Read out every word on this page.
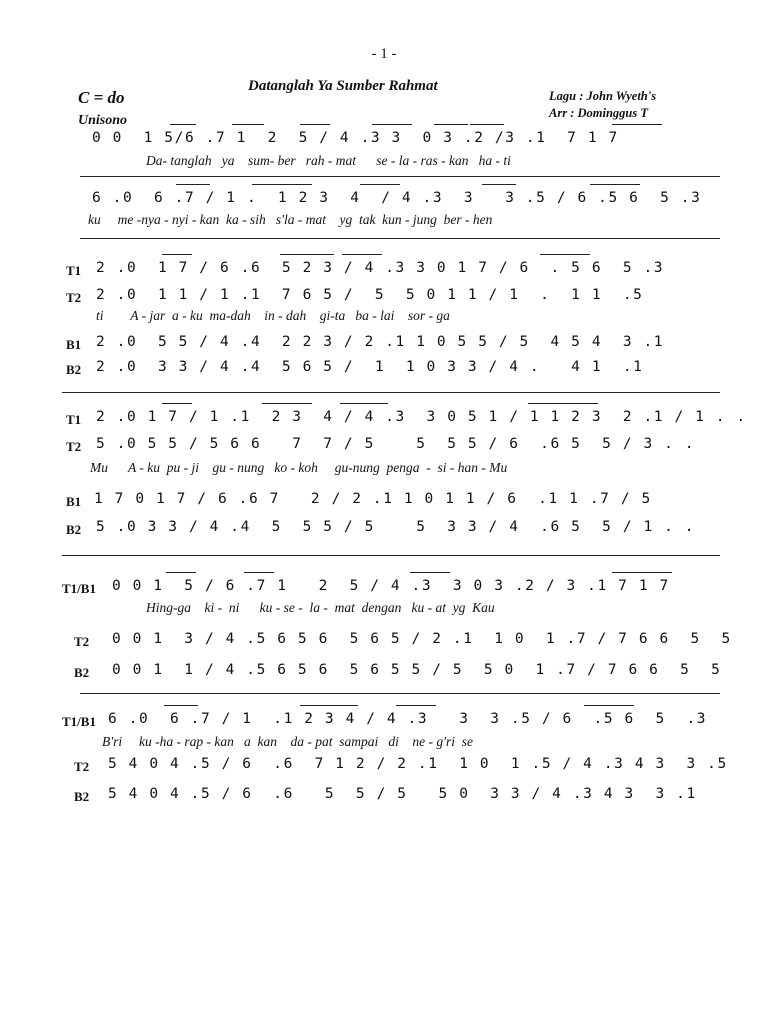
- 1 -
Datanglah Ya Sumber Rahmat
C = do
Unisono
Lagu : John Wyeth's
Arr : Dominggus T
0 0  1 5/6 .7 1  2  5 / 4 .3 3  0 3 .2 /3 .1  7 1 7
Da- tanglah   ya    sum- ber   rah - mat      se - la - ras - kan   ha - ti
6 .0  6 .7 / 1 .  1 2 3  4  / 4 .3  3   3 .5 / 6 .5 6  5 .3
ku     me -nya - nyi - kan  ka - sih   s'la - mat    yg  tak  kun - jung  ber - hen
T1	2 .0  1 7 / 6 .6  5 2 3 / 4 .3 3 0 1 7 / 6  . 5 6  5 .3
T2	2 .0  1 1 / 1 .1  7 6 5 /  5  5 0 1 1 / 1  .  1 1  .5
ti        A - jar  a - ku  ma-dah    in - dah    gi-ta   ba - lai    sor - ga
B1	2 .0  5 5 / 4 .4  2 2 3 / 2 .1 1 0 5 5 / 5  4 5 4  3 .1
B2	2 .0  3 3 / 4 .4  5 6 5 /  1  1 0 3 3 / 4 .   4 1  .1
T1	2 .0 1 7 / 1 .1  2 3  4 / 4 .3  3 0 5 1 / 1 1 2 3  2 .1 / 1 . .
T2	5 .0 5 5 / 5 6 6   7  7 / 5    5  5 5 / 6  .6 5  5 / 3 . .
Mu      A - ku  pu - ji    gu - nung   ko - koh     gu-nung  penga  -  si - han - Mu
B1 1 7 0 1 7 / 6 .6 7   2 / 2 .1 1 0 1 1 / 6  .1 1 .7 / 5
B2	5 .0 3 3 / 4 .4  5  5 5 / 5    5  3 3 / 4  .6 5  5 / 1 . .
T1/B1	0 0 1  5 / 6 .7 1   2  5 / 4 .3  3 0 3 .2 / 3 .1 7 1 7
Hing-ga    ki -  ni      ku - se -  la -  mat  dengan   ku - at  yg  Kau
T2	0 0 1  3 / 4 .5 6 5 6  5 6 5 / 2 .1  1 0  1 .7 / 7 6 6  5  5
B2	0 0 1  1 / 4 .5 6 5 6  5 6 5 5 / 5  5 0  1 .7 / 7 6 6  5  5
T1/B1 6 .0  6 .7 / 1  .1 2 3 4 / 4 .3   3  3 .5 / 6  .5 6  5  .3
B'ri     ku -ha - rap - kan   a  kan    da - pat  sampai   di    ne - g'ri  se
T2	5 4 0 4 .5 / 6  .6  7 1 2 / 2 .1  1 0  1 .5 / 4 .3 4 3  3 .5
B2	5 4 0 4 .5 / 6  .6   5  5 / 5   5 0  3 3 / 4 .3 4 3  3 .1
